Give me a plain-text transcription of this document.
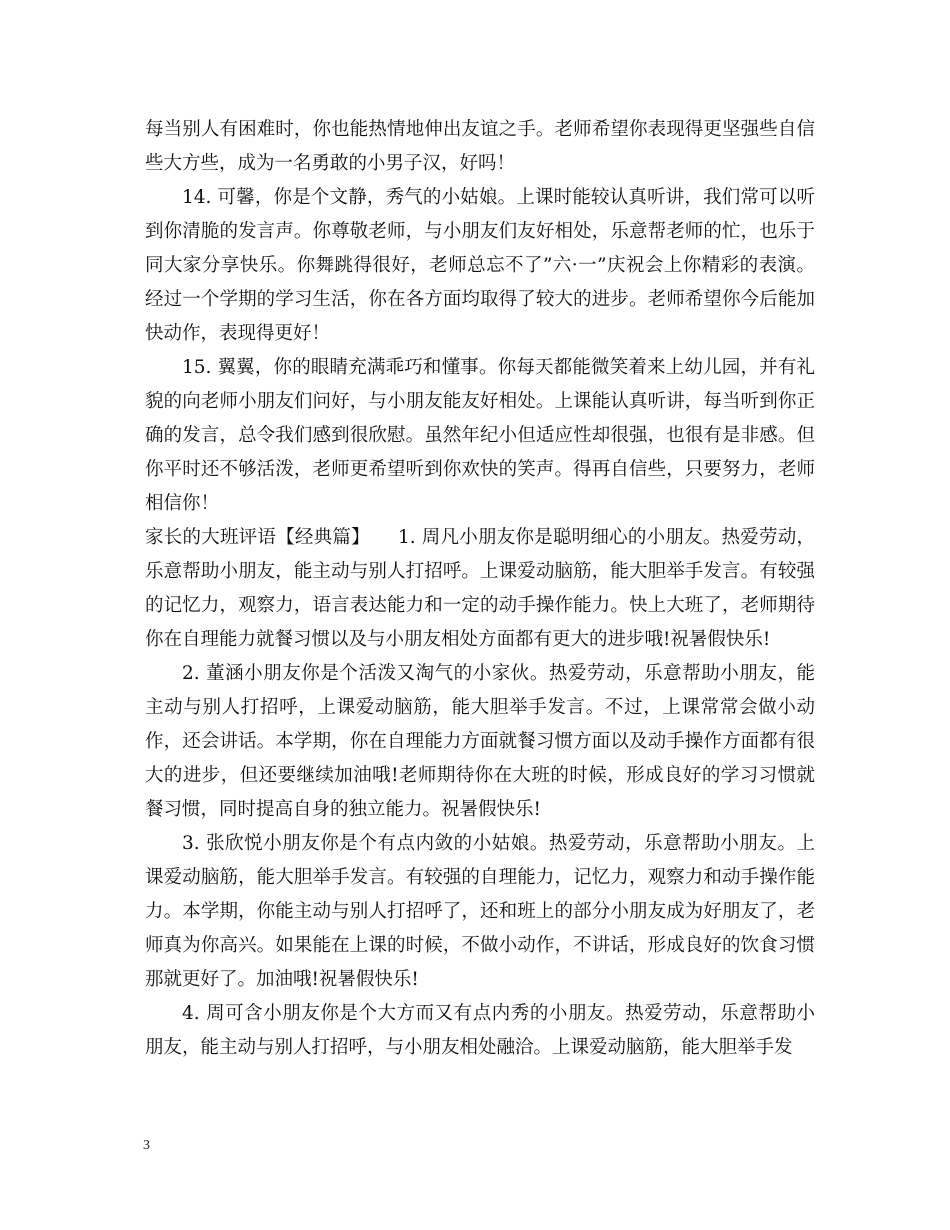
每当别人有困难时，你也能热情地伸出友谊之手。老师希望你表现得更坚强些自信些大方些，成为一名勇敢的小男子汉，好吗！

14. 可馨，你是个文静，秀气的小姑娘。上课时能较认真听讲，我们常可以听到你清脆的发言声。你尊敬老师，与小朋友们友好相处，乐意帮老师的忙，也乐于同大家分享快乐。你舞跳得很好，老师总忘不了”六·一”庆祝会上你精彩的表演。经过一个学期的学习生活，你在各方面均取得了较大的进步。老师希望你今后能加快动作，表现得更好！

15. 翼翼，你的眼睛充满乖巧和懂事。你每天都能微笑着来上幼儿园，并有礼貌的向老师小朋友们问好，与小朋友能友好相处。上课能认真听讲，每当听到你正确的发言，总令我们感到很欣慰。虽然年纪小但适应性却很强，也很有是非感。但你平时还不够活泼，老师更希望听到你欢快的笑声。得再自信些，只要努力，老师相信你！

家长的大班评语【经典篇】　　1. 周凡小朋友你是聪明细心的小朋友。热爱劳动，乐意帮助小朋友，能主动与别人打招呼。上课爱动脑筋，能大胆举手发言。有较强的记忆力，观察力，语言表达能力和一定的动手操作能力。快上大班了，老师期待你在自理能力就餐习惯以及与小朋友相处方面都有更大的进步哦!祝暑假快乐!

2. 董涵小朋友你是个活泼又淘气的小家伙。热爱劳动，乐意帮助小朋友，能主动与别人打招呼，上课爱动脑筋，能大胆举手发言。不过，上课常常会做小动作，还会讲话。本学期，你在自理能力方面就餐习惯方面以及动手操作方面都有很大的进步，但还要继续加油哦!老师期待你在大班的时候，形成良好的学习习惯就餐习惯，同时提高自身的独立能力。祝暑假快乐!

3. 张欣悦小朋友你是个有点内敛的小姑娘。热爱劳动，乐意帮助小朋友。上课爱动脑筋，能大胆举手发言。有较强的自理能力，记忆力，观察力和动手操作能力。本学期，你能主动与别人打招呼了，还和班上的部分小朋友成为好朋友了，老师真为你高兴。如果能在上课的时候，不做小动作，不讲话，形成良好的饮食习惯那就更好了。加油哦!祝暑假快乐!

4. 周可含小朋友你是个大方而又有点内秀的小朋友。热爱劳动，乐意帮助小朋友，能主动与别人打招呼，与小朋友相处融洽。上课爱动脑筋，能大胆举手发

3
